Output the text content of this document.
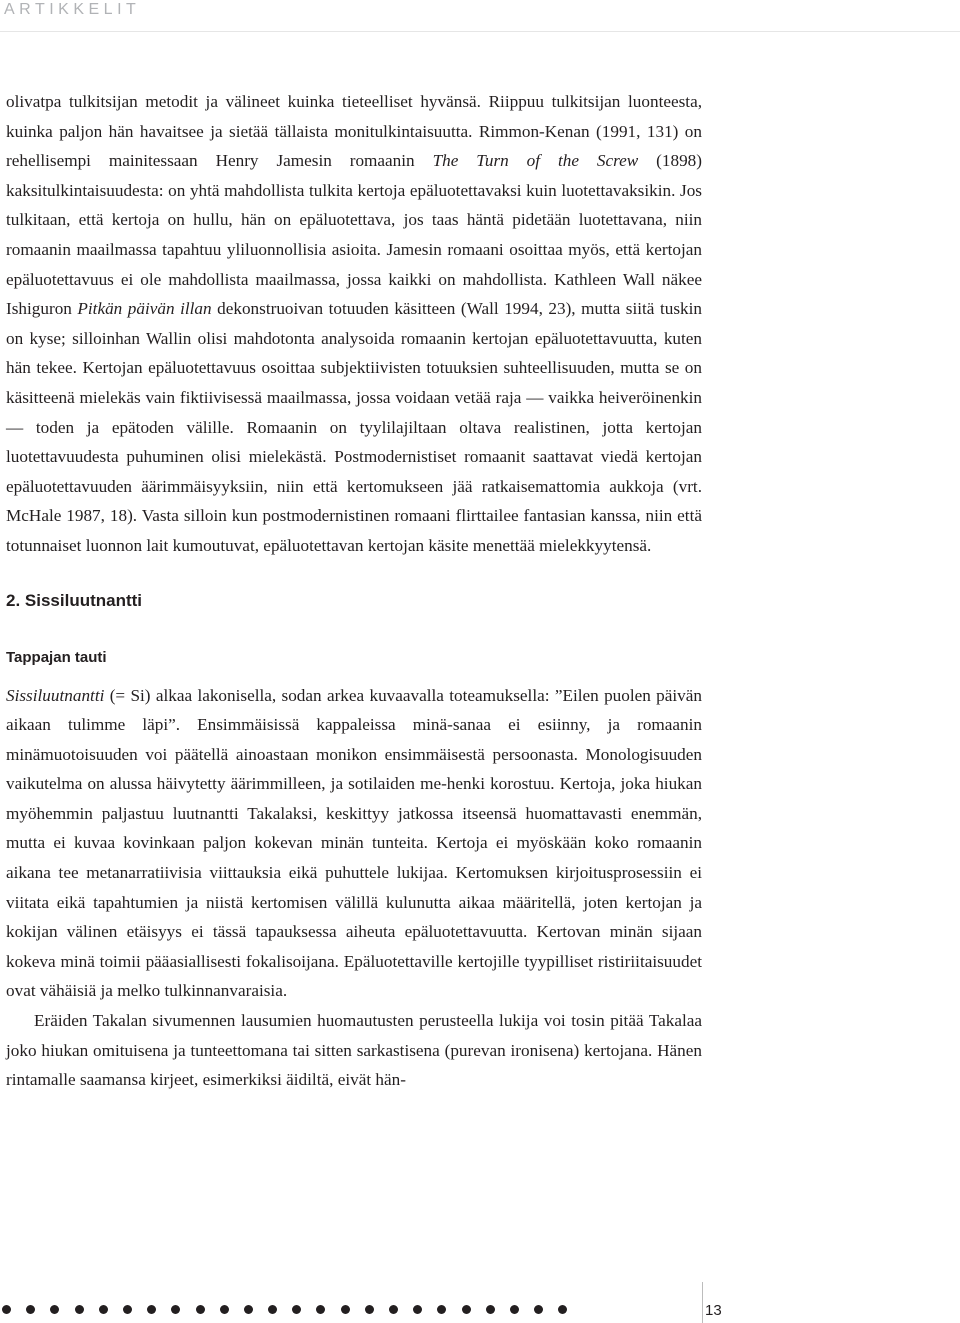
ARTIKKELIT

olivatpa tulkitsijan metodit ja välineet kuinka tieteelliset hyvänsä. Riippuu tulkitsijan luonteesta, kuinka paljon hän havaitsee ja sietää tällaista monitulkintaisuutta. Rimmon-Kenan (1991, 131) on rehellisempi mainitessaan Henry Jamesin romaanin The Turn of the Screw (1898) kaksitulkintaisuudesta: on yhtä mahdollista tulkita kertoja epäluotettavaksi kuin luotettavaksikin. Jos tulkitaan, että kertoja on hullu, hän on epäluotettava, jos taas häntä pidetään luotettavana, niin romaanin maailmassa tapahtuu yliluonnollisia asioita. Jamesin romaani osoittaa myös, että kertojan epäluotettavuus ei ole mahdollista maailmassa, jossa kaikki on mahdollista. Kathleen Wall näkee Ishiguron Pitkän päivän illan dekonstruoivan totuuden käsitteen (Wall 1994, 23), mutta siitä tuskin on kyse; silloinhan Wallin olisi mahdotonta analysoida romaanin kertojan epäluotettavuutta, kuten hän tekee. Kertojan epäluotettavuus osoittaa subjektiivisten totuuksien suhteellisuuden, mutta se on käsitteenä mielekäs vain fiktiivisessä maailmassa, jossa voidaan vetää raja — vaikka heiveröinenkin — toden ja epätoden välille. Romaanin on tyylilajiltaan oltava realistinen, jotta kertojan luotettavuudesta puhuminen olisi mielekästä. Postmodernistiset romaanit saattavat viedä kertojan epäluotettavuuden äärimmäisyyksiin, niin että kertomukseen jää ratkaisemattomia aukkoja (vrt. McHale 1987, 18). Vasta silloin kun postmodernistinen romaani flirttailee fantasian kanssa, niin että totunnaiset luonnon lait kumoutuvat, epäluotettavan kertojan käsite menettää mielekkyytensä.

2. Sissiluutnantti
Tappajan tauti

Sissiluutnantti (= Si) alkaa lakonisella, sodan arkea kuvaavalla toteamuksella: ”Eilen puolen päivän aikaan tulimme läpi”. Ensimmäisissä kappaleissa minä-sanaa ei esiinny, ja romaanin minämuotoisuuden voi päätellä ainoastaan monikon ensimmäisestä persoonasta. Monologisuuden vaikutelma on alussa häivytetty äärimmilleen, ja sotilaiden me-henki korostuu. Kertoja, joka hiukan myöhemmin paljastuu luutnantti Takalaksi, keskittyy jatkossa itseensä huomattavasti enemmän, mutta ei kuvaa kovinkaan paljon kokevan minän tunteita. Kertoja ei myöskään koko romaanin aikana tee metanarratiivisia viittauksia eikä puhuttele lukijaa. Kertomuksen kirjoitusprosessiin ei viitata eikä tapahtumien ja niistä kertomisen välillä kulunutta aikaa määritellä, joten kertojan ja kokijan välinen etäisyys ei tässä tapauksessa aiheuta epäluotettavuutta. Kertovan minän sijaan kokeva minä toimii pääasiallisesti fokalisoijana. Epäluotettaville kertojille tyypilliset ristiriitaisuudet ovat vähäisiä ja melko tulkinnanvaraisia.

Eräiden Takalan sivumennen lausumien huomautusten perusteella lukija voi tosin pitää Takalaa joko hiukan omituisena ja tunteettomana tai sitten sarkastisena (purevan ironisena) kertojana. Hänen rintamalle saamansa kirjeet, esimerkiksi äidiltä, eivät hän-

13
